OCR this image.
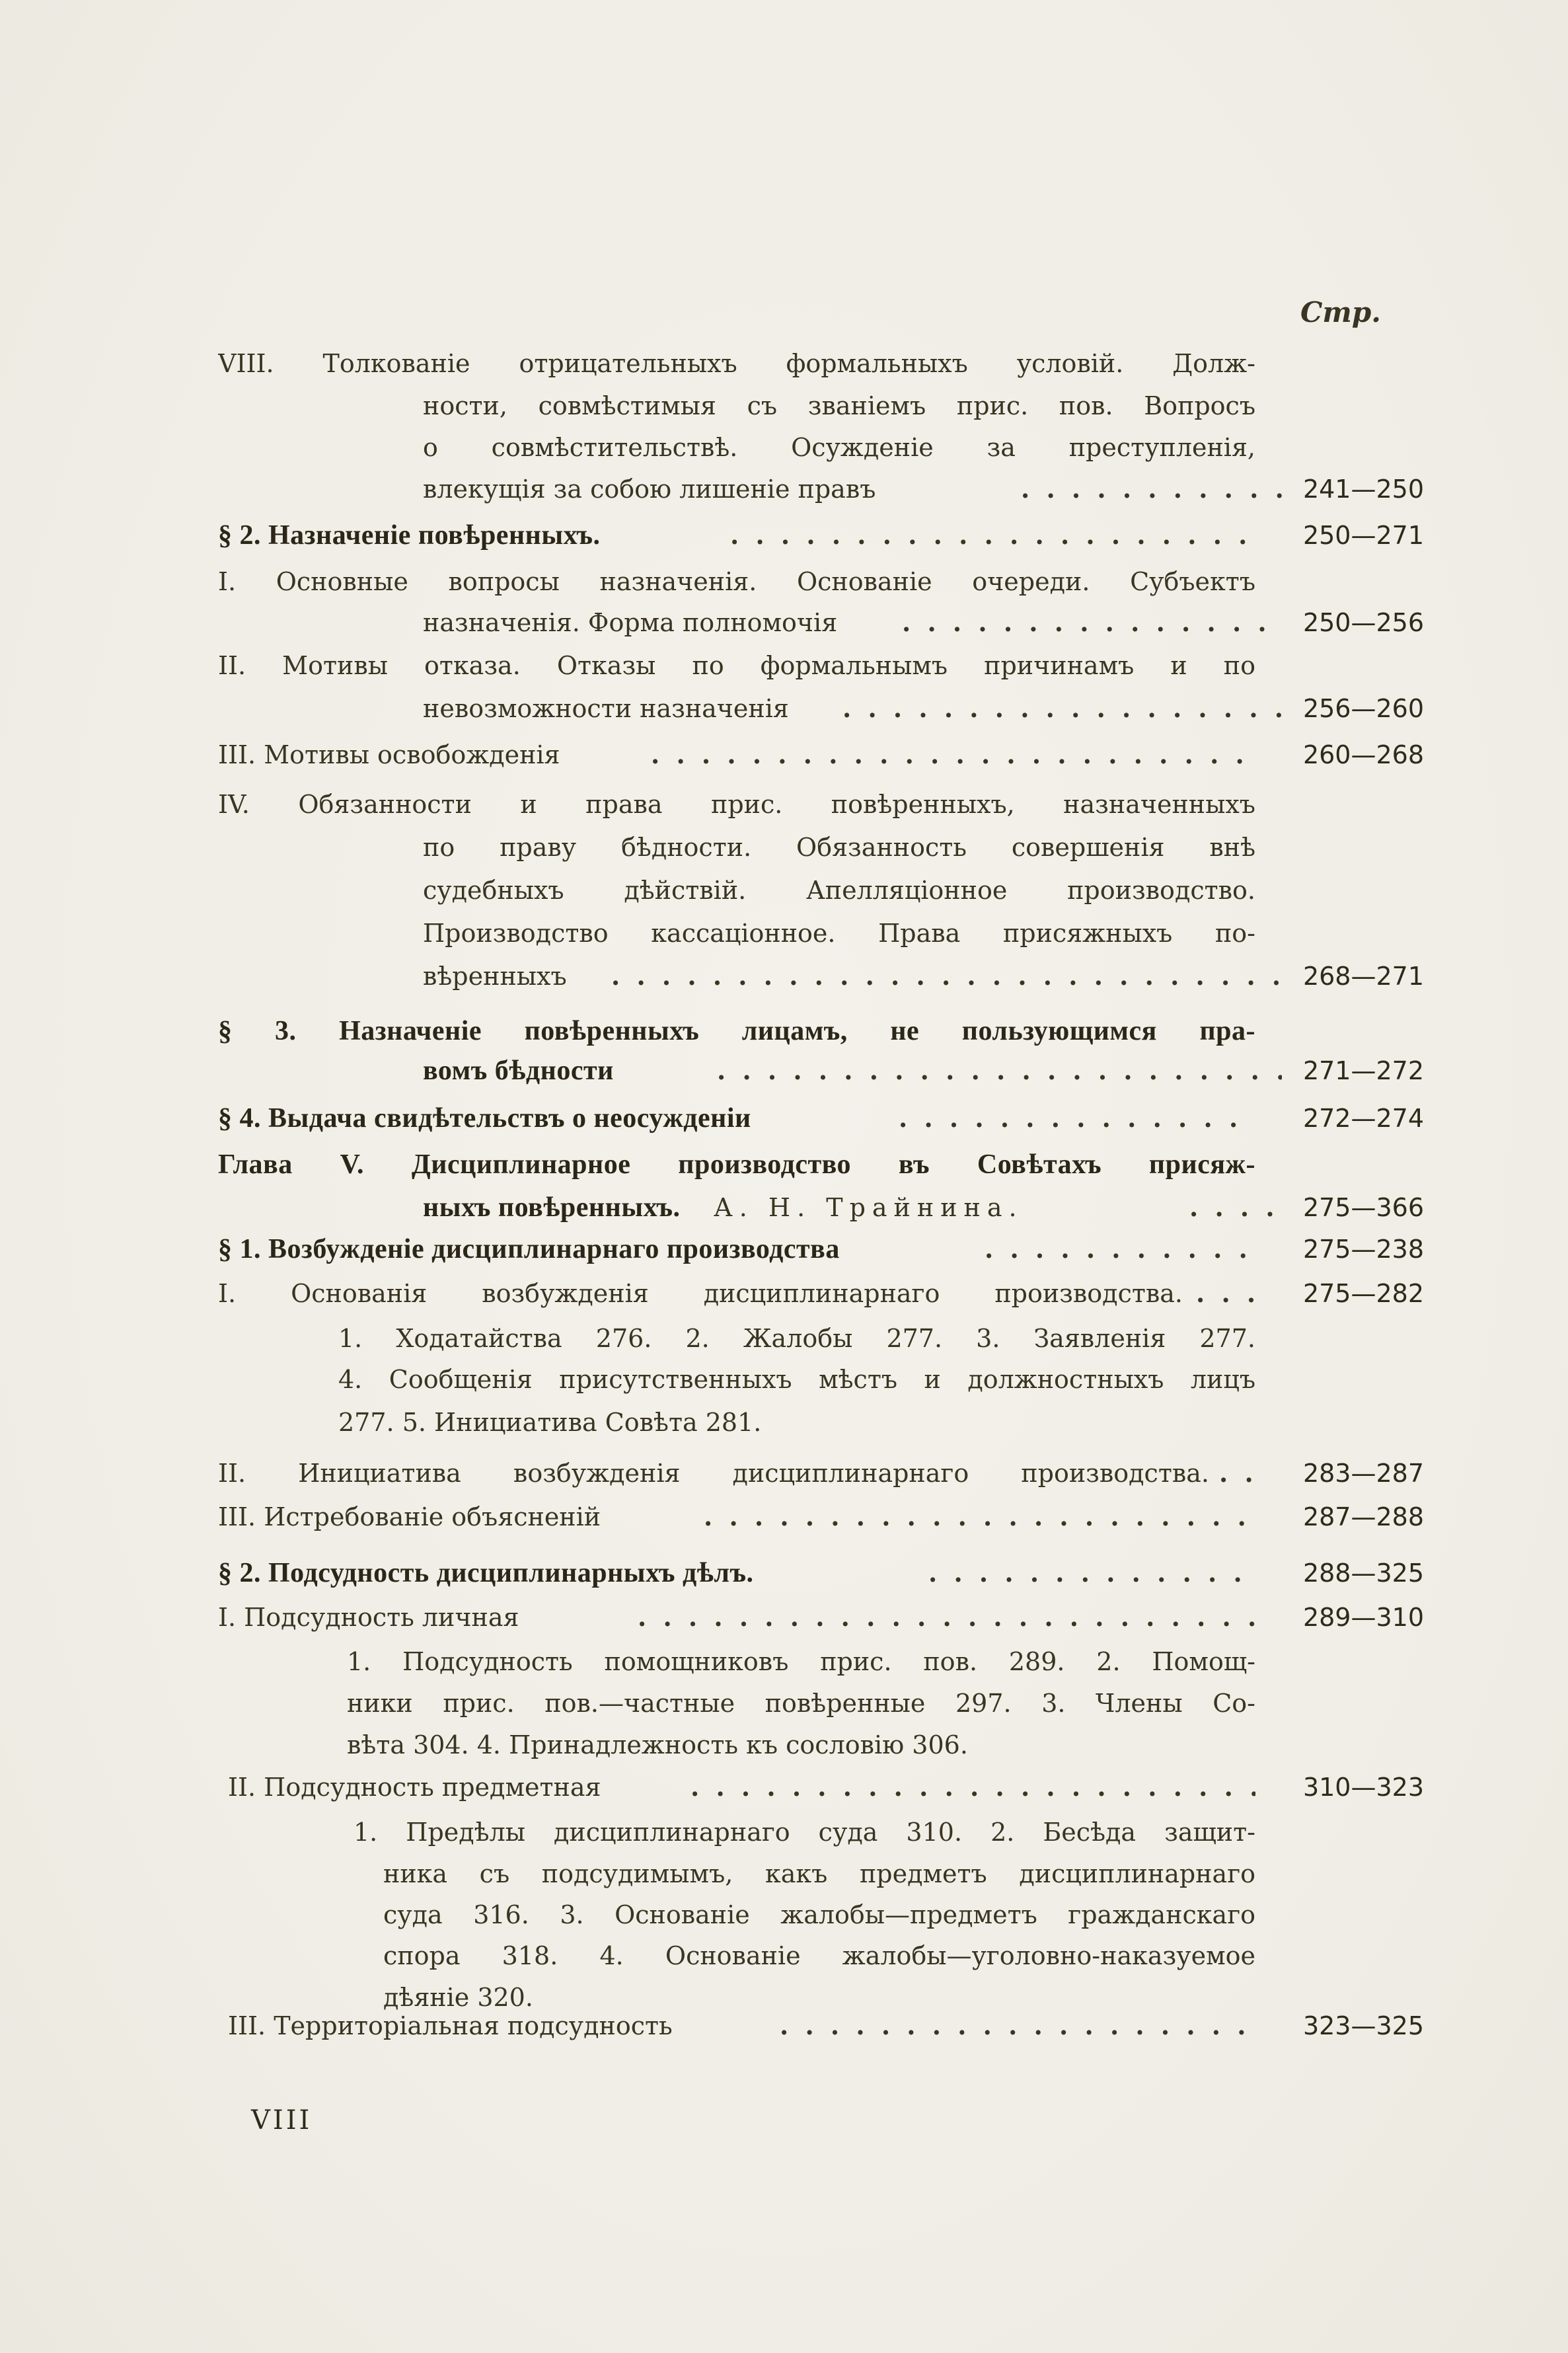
Стр.
VIII. Толкованіе отрицательныхъ формальныхъ условій. Долж-
ности, совмѣстимыя съ званіемъ прис. пов. Вопросъ
о совмѣстительствѣ. Осужденіе за преступленія,
влекущія за собою лишеніе правъ . . .	241—250
§ 2. Назначеніе повѣренныхъ. . . .	250—271
I. Основные вопросы назначенія. Основаніе очереди. Субъектъ
назначенія. Форма полномочія . . .	250—256
II. Мотивы отказа. Отказы по формальнымъ причинамъ и по
невозможности назначенія . . .	256—260
III. Мотивы освобожденія . . .	260—268
IV. Обязанности и права прис. повѣренныхъ, назначенныхъ
по праву бѣдности. Обязанность совершенія внѣ
судебныхъ дѣйствій. Апелляціонное производство.
Производство кассаціонное. Права присяжныхъ по-
вѣренныхъ . . .	268—271
§ 3. Назначеніе повѣренныхъ лицамъ, не пользующимся пра-
вомъ бѣдности . . .	271—272
§ 4. Выдача свидѣтельствъ о неосужденіи . . .	272—274
Глава V. Дисциплинарное производство въ Совѣтахъ присяж-
ныхъ повѣренныхъ.	А. Н. Трайнина. . . .	275—366
§ 1. Возбужденіе дисциплинарнаго производства . . .	275—238
I. Основанія возбужденія дисциплинарнаго производства. . . .	275—282
1. Ходатайства 276. 2. Жалобы 277. 3. Заявленія 277.
4. Сообщенія присутственныхъ мѣстъ и должностныхъ лицъ
277. 5. Инициатива Совѣта 281.
II. Инициатива возбужденія дисциплинарнаго производства. . . .	283—287
III. Истребованіе объясненій . . .	287—288
§ 2. Подсудность дисциплинарныхъ дѣлъ. . . .	288—325
I. Подсудность личная . . .	289—310
1. Подсудность помощниковъ прис. пов. 289. 2. Помощ-
ники прис. пов.—частные повѣренные 297. 3. Члены Со-
вѣта 304. 4. Принадлежность къ сословію 306.
II. Подсудность предметная . . .	310—323
1. Предѣлы дисциплинарнаго суда 310. 2. Бесѣда защит-
ника съ подсудимымъ, какъ предметъ дисциплинарнаго
суда 316. 3. Основаніе жалобы—предметъ гражданскаго
спора 318. 4. Основаніе жалобы—уголовно-наказуемое
дѣяніе 320.
III. Территоріальная подсудность . . .	323—325
VIII
